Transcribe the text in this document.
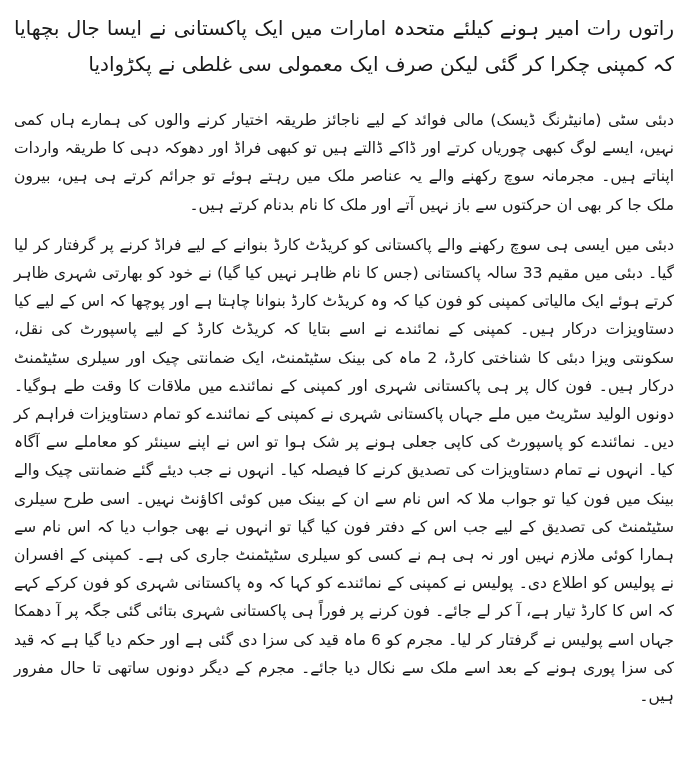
راتوں رات امیر ہونے کیلئے متحدہ امارات میں ایک پاکستانی نے ایسا جال بچھایا کہ کمپنی چکرا کر گئی لیکن صرف ایک معمولی سی غلطی نے پکڑوادیا

دبئی سٹی (مانیٹرنگ ڈیسک) مالی فوائد کے لیے ناجائز طریقہ اختیار کرنے والوں کی ہمارے ہاں کمی نہیں، ایسے لوگ کبھی چوریاں کرتے اور ڈاکے ڈالتے ہیں تو کبھی فراڈ اور دھوکہ دہی کا طریقہ واردات اپناتے ہیں۔ مجرمانہ سوچ رکھنے والے یہ عناصر ملک میں رہتے ہوئے تو جرائم کرتے ہی ہیں، بیرون ملک جا کر بھی ان حرکتوں سے باز نہیں آتے اور ملک کا نام بدنام کرتے ہیں۔

دبئی میں ایسی ہی سوچ رکھنے والے پاکستانی کو کریڈٹ کارڈ بنوانے کے لیے فراڈ کرنے پر گرفتار کر لیا گیا۔ دبئی میں مقیم 33 سالہ پاکستانی (جس کا نام ظاہر نہیں کیا گیا) نے خود کو بھارتی شہری ظاہر کرتے ہوئے ایک مالیاتی کمپنی کو فون کیا کہ وہ کریڈٹ کارڈ بنوانا چاہتا ہے اور پوچھا کہ اس کے لیے کیا دستاویزات درکار ہیں۔ کمپنی کے نمائندے نے اسے بتایا کہ کریڈٹ کارڈ کے لیے پاسپورٹ کی نقل، سکونتی ویزا دبئی کا شناختی کارڈ، 2 ماہ کی بینک سٹیٹمنٹ، ایک ضمانتی چیک اور سیلری سٹیٹمنٹ درکار ہیں۔ فون کال پر ہی پاکستانی شہری اور کمپنی کے نمائندے میں ملاقات کا وقت طے ہوگیا۔ دونوں الولید سٹریٹ میں ملے جہاں پاکستانی شہری نے کمپنی کے نمائندے کو تمام دستاویزات فراہم کر دیں۔ نمائندے کو پاسپورٹ کی کاپی جعلی ہونے پر شک ہوا تو اس نے اپنے سینئر کو معاملے سے آگاہ کیا۔ انہوں نے تمام دستاویزات کی تصدیق کرنے کا فیصلہ کیا۔ انہوں نے جب دیئے گئے ضمانتی چیک والے بینک میں فون کیا تو جواب ملا کہ اس نام سے ان کے بینک میں کوئی اکاؤنٹ نہیں۔ اسی طرح سیلری سٹیٹمنٹ کی تصدیق کے لیے جب اس کے دفتر فون کیا گیا تو انہوں نے بھی جواب دیا کہ اس نام سے ہمارا کوئی ملازم نہیں اور نہ ہی ہم نے کسی کو سیلری سٹیٹمنٹ جاری کی ہے۔ کمپنی کے افسران نے پولیس کو اطلاع دی۔ پولیس نے کمپنی کے نمائندے کو کہا کہ وہ پاکستانی شہری کو فون کرکے کہے کہ اس کا کارڈ تیار ہے، آ کر لے جائے۔ فون کرنے پر فوراً ہی پاکستانی شہری بتائی گئی جگہ پر آ دھمکا جہاں اسے پولیس نے گرفتار کر لیا۔ مجرم کو 6 ماہ قید کی سزا دی گئی ہے اور حکم دیا گیا ہے کہ قید کی سزا پوری ہونے کے بعد اسے ملک سے نکال دیا جائے۔ مجرم کے دیگر دونوں ساتھی تا حال مفرور ہیں۔
